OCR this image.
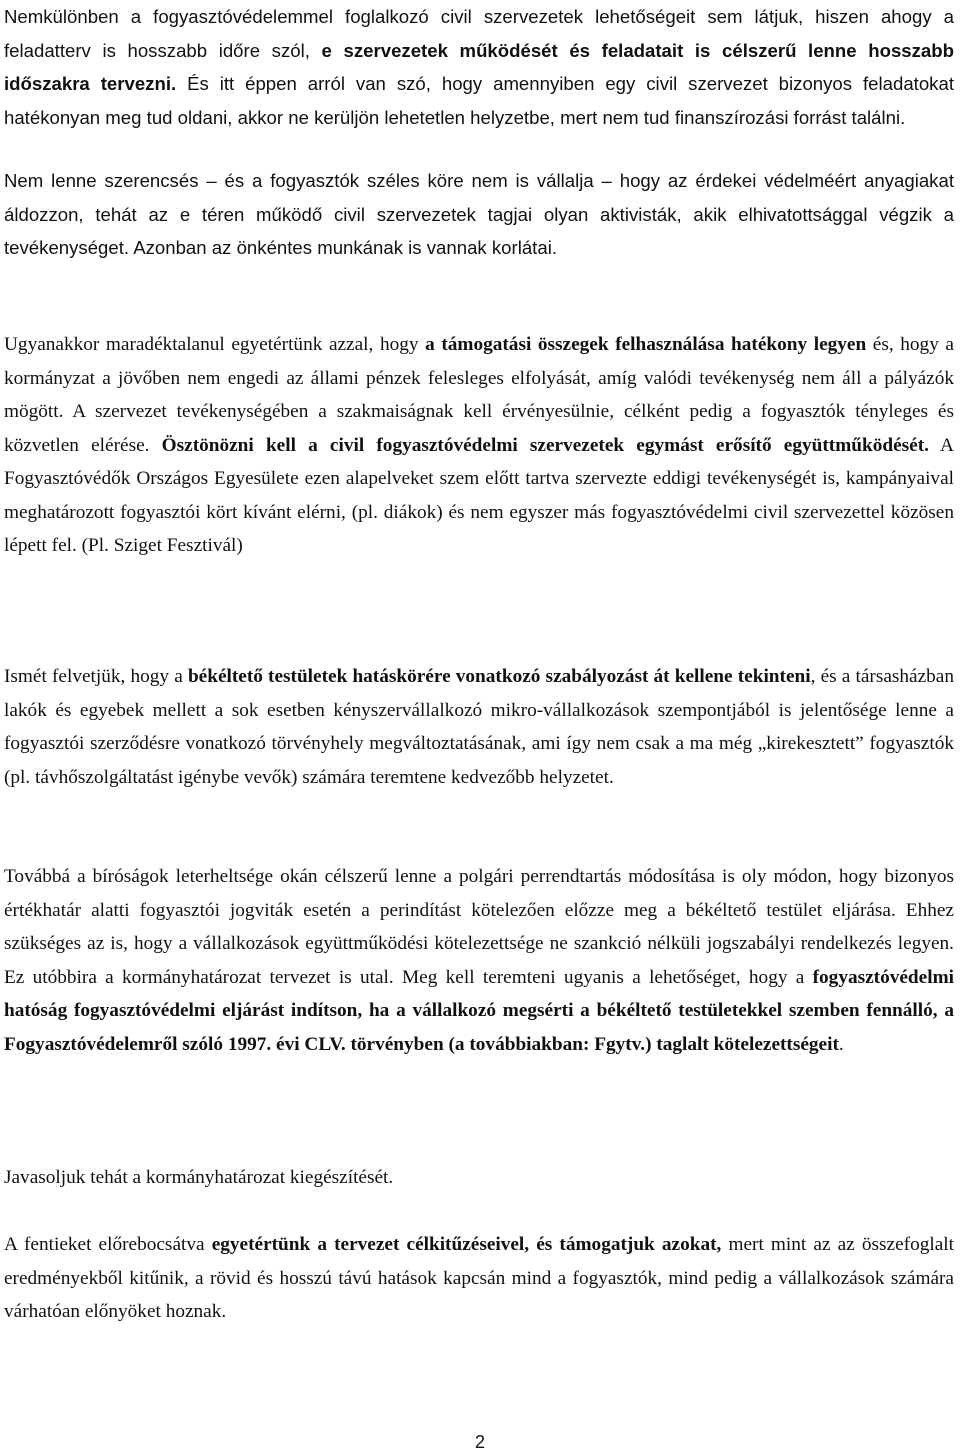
Nemkülönben a fogyasztóvédelemmel foglalkozó civil szervezetek lehetőségeit sem látjuk, hiszen ahogy a feladatterv is hosszabb időre szól, e szervezetek működését és feladatait is célszerű lenne hosszabb időszakra tervezni. És itt éppen arról van szó, hogy amennyiben egy civil szervezet bizonyos feladatokat hatékonyan meg tud oldani, akkor ne kerüljön lehetetlen helyzetbe, mert nem tud finanszírozási forrást találni.

Nem lenne szerencsés – és a fogyasztók széles köre nem is vállalja – hogy az érdekei védelméért anyagiakat áldozzon, tehát az e téren működő civil szervezetek tagjai olyan aktivisták, akik elhivatottsággal végzik a tevékenységet. Azonban az önkéntes munkának is vannak korlátai.

Ugyanakkor maradéktalanul egyetértünk azzal, hogy a támogatási összegek felhasználása hatékony legyen és, hogy a kormányzat a jövőben nem engedi az állami pénzek felesleges elfolyását, amíg valódi tevékenység nem áll a pályázók mögött. A szervezet tevékenységében a szakmaiságnak kell érvényesülnie, célként pedig a fogyasztók tényleges és közvetlen elérése. Ösztönözni kell a civil fogyasztóvédelmi szervezetek egymást erősítő együttműködését. A Fogyasztóvédők Országos Egyesülete ezen alapelveket szem előtt tartva szervezte eddigi tevékenységét is, kampányaival meghatározott fogyasztói kört kívánt elérni, (pl. diákok) és nem egyszer más fogyasztóvédelmi civil szervezettel közösen lépett fel. (Pl. Sziget Fesztivál)

Ismét felvetjük, hogy a békéltető testületek hatáskörére vonatkozó szabályozást át kellene tekinteni, és a társasházban lakók és egyebek mellett a sok esetben kényszervállalkozó mikro-vállalkozások szempontjából is jelentősége lenne a fogyasztói szerződésre vonatkozó törvényhely megváltoztatásának, ami így nem csak a ma még „kirekesztett” fogyasztók (pl. távhőszolgáltatást igénybe vevők) számára teremtene kedvezőbb helyzetet.

Továbbá a bíróságok leterheltsége okán célszerű lenne a polgári perrendtartás módosítása is oly módon, hogy bizonyos értékhatár alatti fogyasztói jogviták esetén a perindítást kötelezően előzze meg a békéltető testület eljárása. Ehhez szükséges az is, hogy a vállalkozások együttműködési kötelezettsége ne szankció nélküli jogszabályi rendelkezés legyen. Ez utóbbira a kormányhatározat tervezet is utal. Meg kell teremteni ugyanis a lehetőséget, hogy a fogyasztóvédelmi hatóság fogyasztóvédelmi eljárást indítson, ha a vállalkozó megsérti a békéltető testületekkel szemben fennálló, a Fogyasztóvédelemről szóló 1997. évi CLV. törvényben (a továbbiakban: Fgytv.) taglalt kötelezettségeit.

Javasoljuk tehát a kormányhatározat kiegészítését.

A fentieket előrebocsátva egyetértünk a tervezet célkitűzéseivel, és támogatjuk azokat, mert mint az az összefoglalt eredményekből kitűnik, a rövid és hosszú távú hatások kapcsán mind a fogyasztók, mind pedig a vállalkozások számára várhatóan előnyöket hoznak.

2
